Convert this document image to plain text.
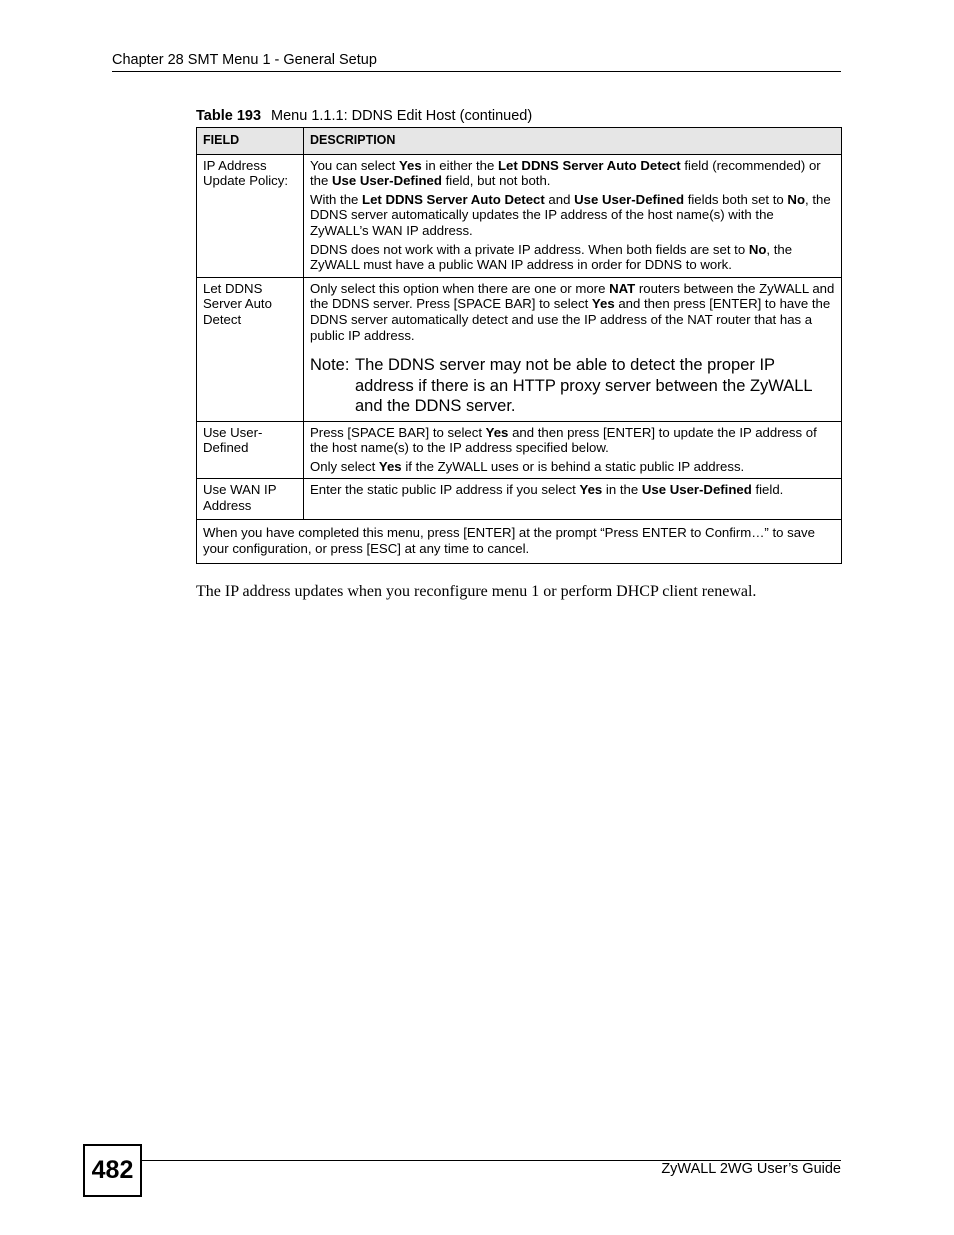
Chapter 28 SMT Menu 1 - General Setup
Table 193 Menu 1.1.1: DDNS Edit Host (continued)
FIELD	DESCRIPTION
IP Address Update Policy:	You can select Yes in either the Let DDNS Server Auto Detect field (recommended) or the Use User-Defined field, but not both.

With the Let DDNS Server Auto Detect and Use User-Defined fields both set to No, the DDNS server automatically updates the IP address of the host name(s) with the ZyWALL’s WAN IP address.

DDNS does not work with a private IP address. When both fields are set to No, the ZyWALL must have a public WAN IP address in order for DDNS to work.

Let DDNS Server Auto Detect	Only select this option when there are one or more NAT routers between the ZyWALL and the DDNS server. Press [SPACE BAR] to select Yes and then press [ENTER] to have the DDNS server automatically detect and use the IP address of the NAT router that has a public IP address.

Note: The DDNS server may not be able to detect the proper IP address if there is an HTTP proxy server between the ZyWALL and the DDNS server.

Use User-Defined	Press [SPACE BAR] to select Yes and then press [ENTER] to update the IP address of the host name(s) to the IP address specified below.

Only select Yes if the ZyWALL uses or is behind a static public IP address.

Use WAN IP Address	Enter the static public IP address if you select Yes in the Use User-Defined field.

When you have completed this menu, press [ENTER] at the prompt “Press ENTER to Confirm…” to save your configuration, or press [ESC] at any time to cancel.	
The IP address updates when you reconfigure menu 1 or perform DHCP client renewal.
482	ZyWALL 2WG User’s Guide
